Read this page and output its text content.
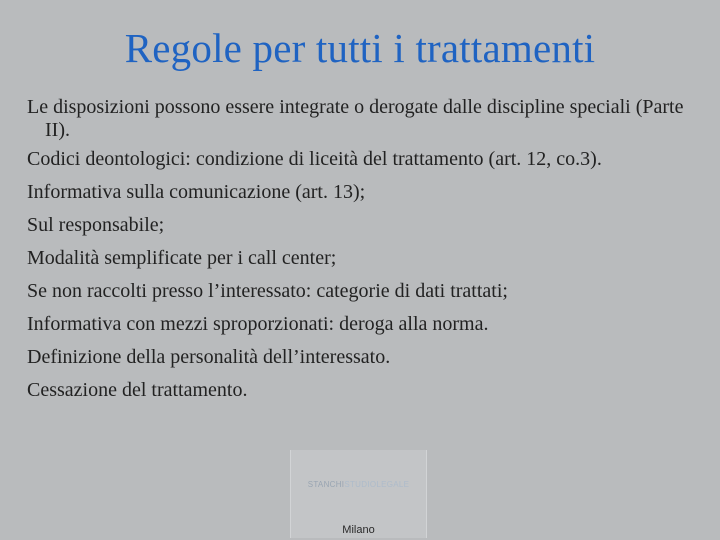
Regole per tutti i trattamenti
Le disposizioni possono essere integrate o derogate dalle discipline speciali (Parte II).
Codici deontologici: condizione di liceità del trattamento (art. 12, co.3).
Informativa sulla comunicazione (art. 13);
Sul responsabile;
Modalità semplificate per i call center;
Se non raccolti presso l’interessato: categorie di dati trattati;
Informativa con mezzi sproporzionati: deroga alla norma.
Definizione della personalità dell’interessato.
Cessazione del trattamento.
STANCHISTUDIOLEGALE
Milano
